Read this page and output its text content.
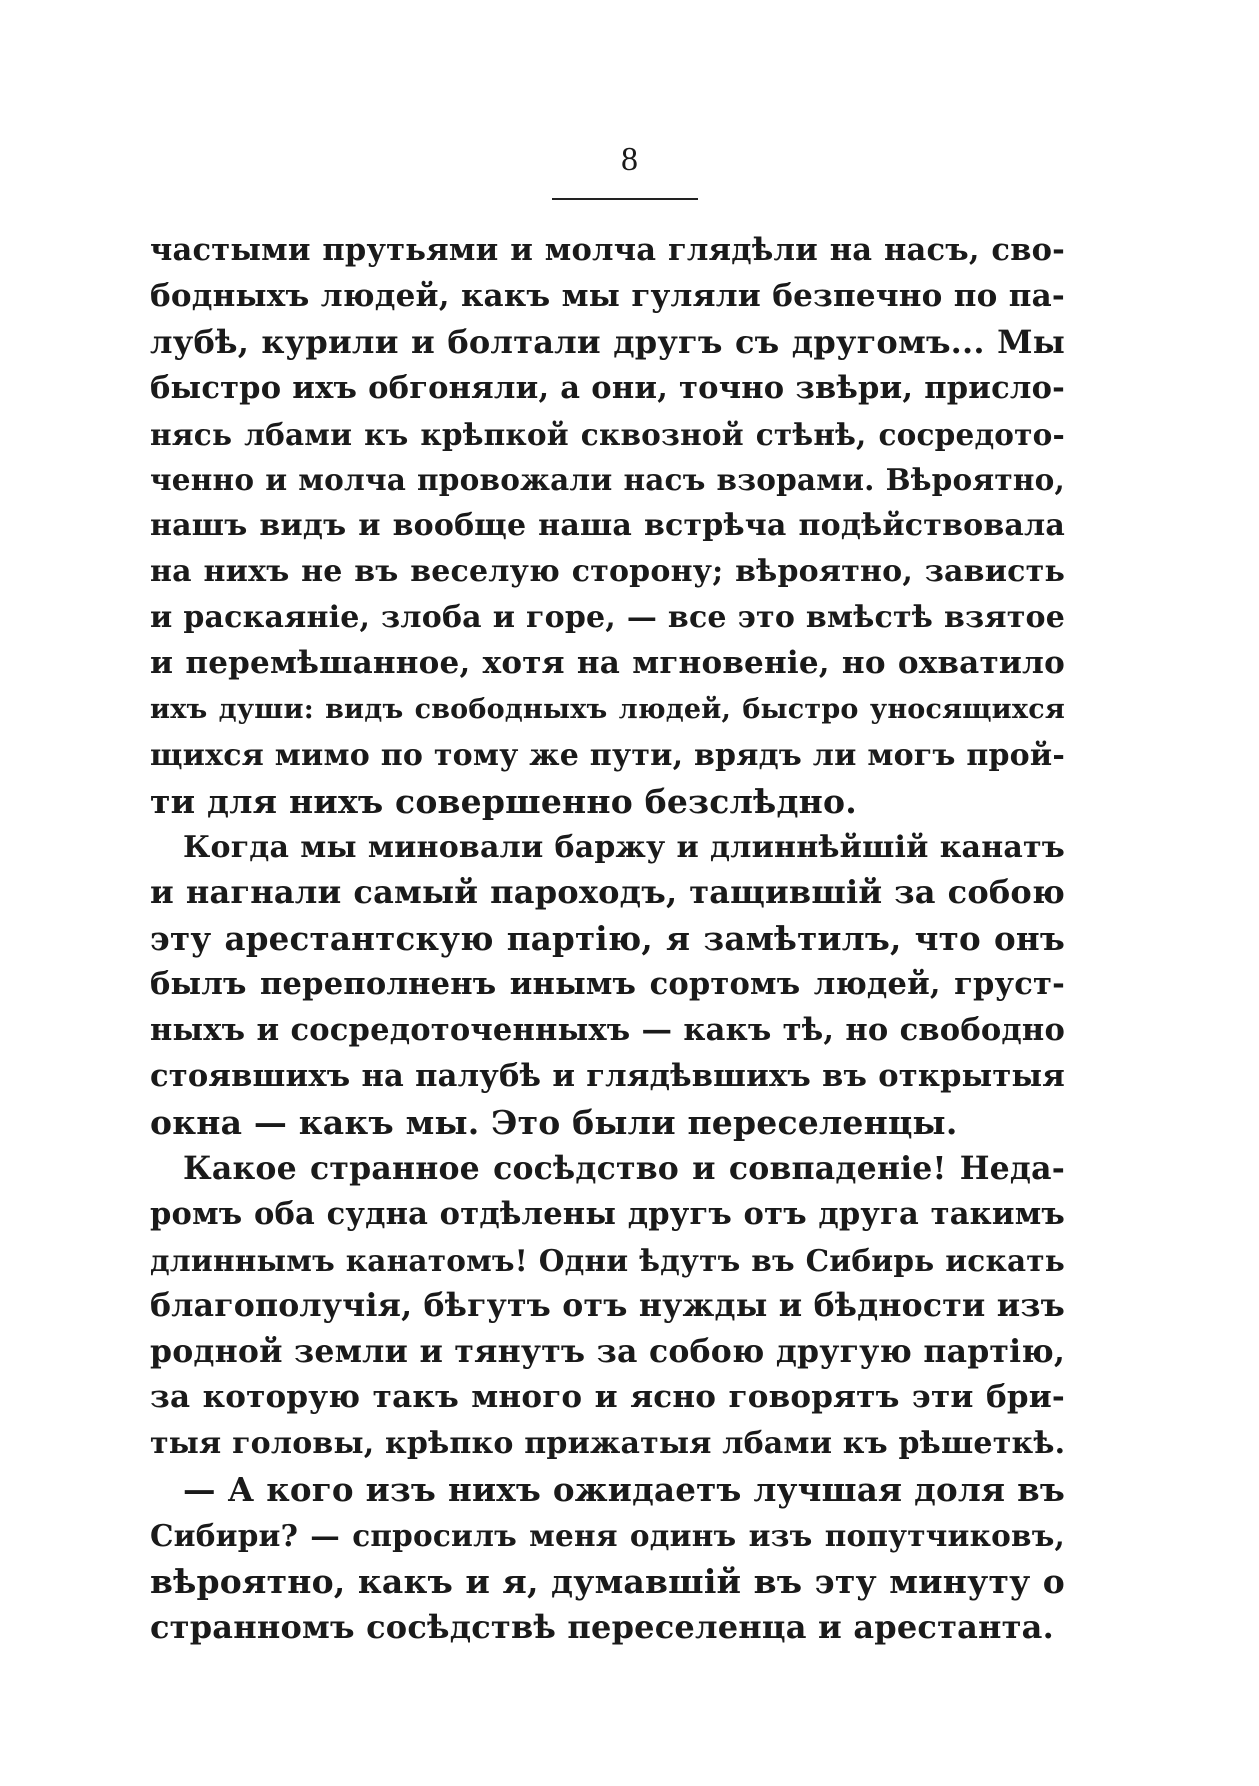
8
частыми прутьями и молча глядѣли на насъ, сво-
бодныхъ людей, какъ мы гуляли безпечно по па-
лубѣ, курили и болтали другъ съ другомъ... Мы
быстро ихъ обгоняли, а они, точно звѣри, присло-
нясь лбами къ крѣпкой сквозной стѣнѣ, сосредото-
ченно и молча провожали насъ взорами. Вѣроятно,
нашъ видъ и вообще наша встрѣча подѣйствовала
на нихъ не въ веселую сторону; вѣроятно, зависть
и раскаяніе, злоба и горе, — все это вмѣстѣ взятое
и перемѣшанное, хотя на мгновеніе, но охватило
ихъ души: видъ свободныхъ людей, быстро уносящихся
щихся мимо по тому же пути, врядъ ли могъ прой-
ти для нихъ совершенно безслѣдно.
Когда мы миновали баржу и длиннѣйшій канатъ
и нагнали самый пароходъ, тащившій за собою
эту арестантскую партію, я замѣтилъ, что онъ
былъ переполненъ инымъ сортомъ людей, груст-
ныхъ и сосредоточенныхъ — какъ тѣ, но свободно
стоявшихъ на палубѣ и глядѣвшихъ въ открытыя
окна — какъ мы. Это были переселенцы.
Какое странное сосѣдство и совпаденіе! Неда-
ромъ оба судна отдѣлены другъ отъ друга такимъ
длиннымъ канатомъ! Одни ѣдутъ въ Сибирь искать
благополучія, бѣгутъ отъ нужды и бѣдности изъ
родной земли и тянутъ за собою другую партію,
за которую такъ много и ясно говорятъ эти бри-
тыя головы, крѣпко прижатыя лбами къ рѣшеткѣ.
— А кого изъ нихъ ожидаетъ лучшая доля въ
Сибири? — спросилъ меня одинъ изъ попутчиковъ,
вѣроятно, какъ и я, думавшій въ эту минуту о
странномъ сосѣдствѣ переселенца и арестанта.
